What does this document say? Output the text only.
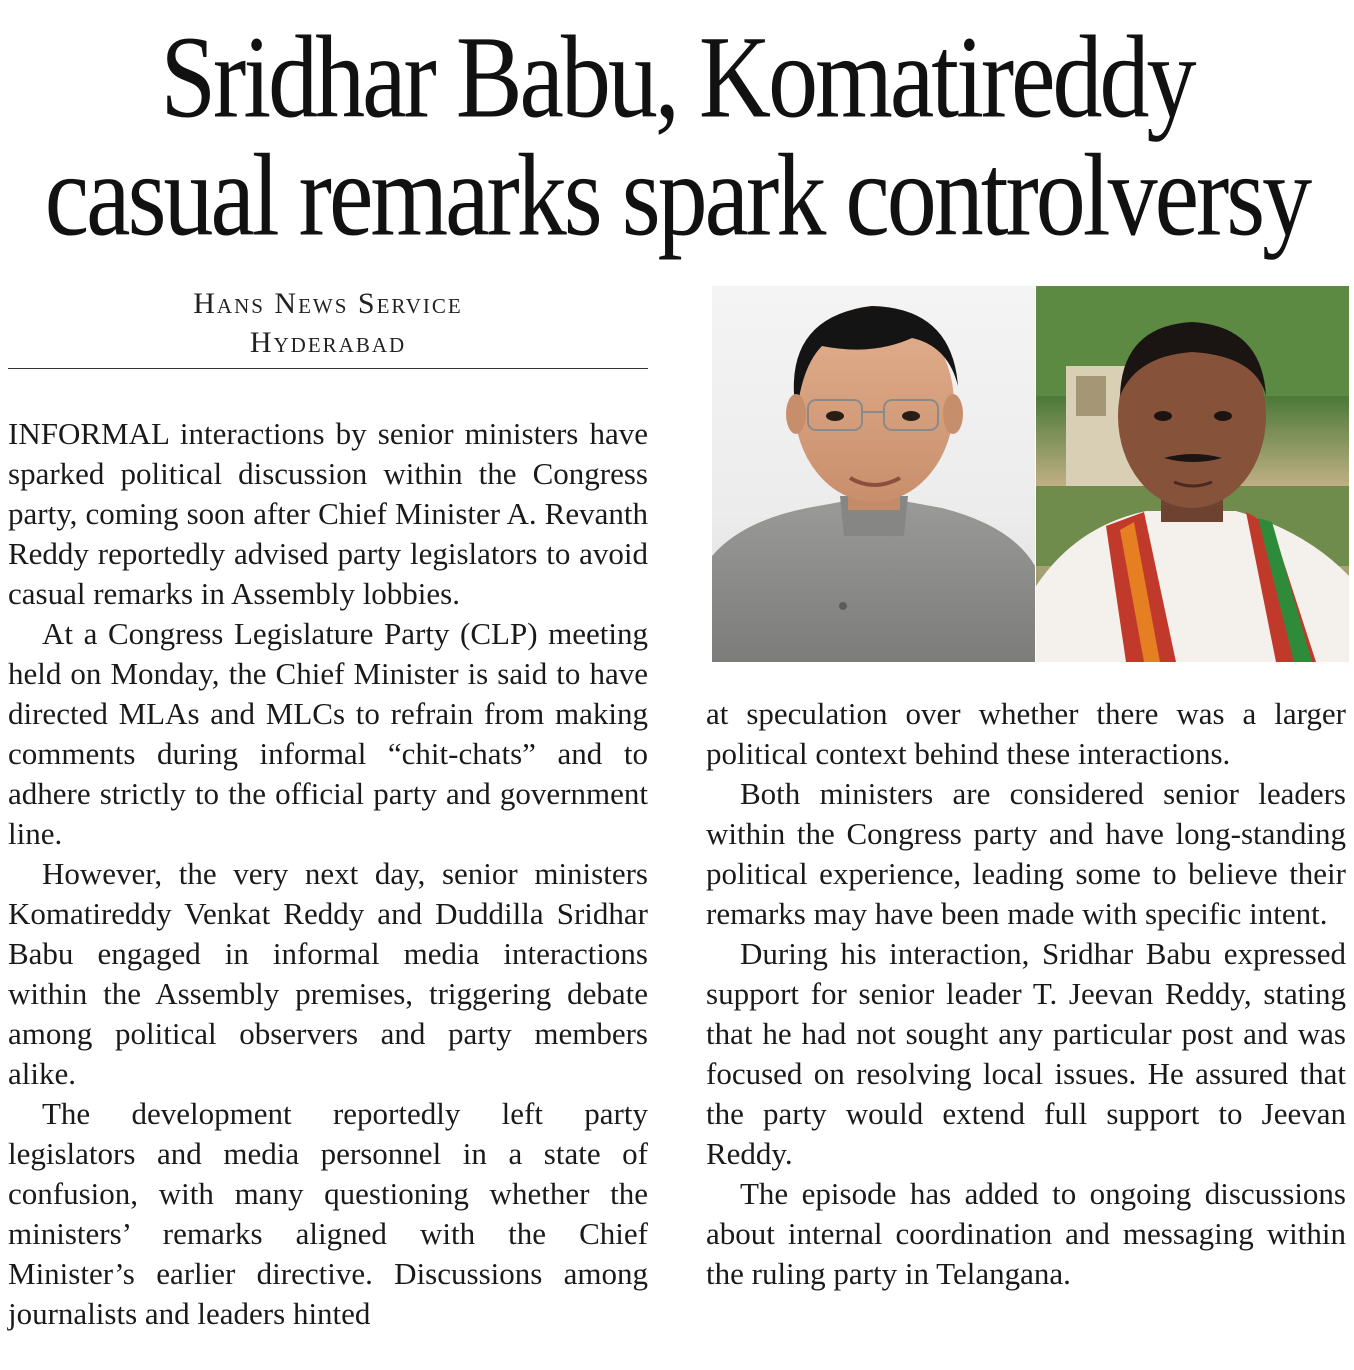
Sridhar Babu, Komatireddy
casual remarks spark controlversy
Hans News Service
Hyderabad

INFORMAL interactions by senior ministers have sparked political discussion within the Congress party, coming soon after Chief Minister A. Revanth Reddy reportedly advised party legislators to avoid casual remarks in Assembly lobbies.

At a Congress Legislature Party (CLP) meeting held on Monday, the Chief Minister is said to have directed MLAs and MLCs to refrain from making comments during informal “chit-chats” and to adhere strictly to the official party and government line.

However, the very next day, senior ministers Komatireddy Venkat Reddy and Duddilla Sridhar Babu engaged in informal media interactions within the Assembly premises, triggering debate among political observers and party members alike.

The development reportedly left party legislators and media personnel in a state of confusion, with many questioning whether the ministers’ remarks aligned with the Chief Minister’s earlier directive. Discussions among journalists and leaders hinted

at speculation over whether there was a larger political context behind these interactions.

Both ministers are considered senior leaders within the Congress party and have long-standing political experience, leading some to believe their remarks may have been made with specific intent.

During his interaction, Sridhar Babu expressed support for senior leader T. Jeevan Reddy, stating that he had not sought any particular post and was focused on resolving local issues. He assured that the party would extend full support to Jeevan Reddy.

The episode has added to ongoing discussions about internal coordination and messaging within the ruling party in Telangana.
